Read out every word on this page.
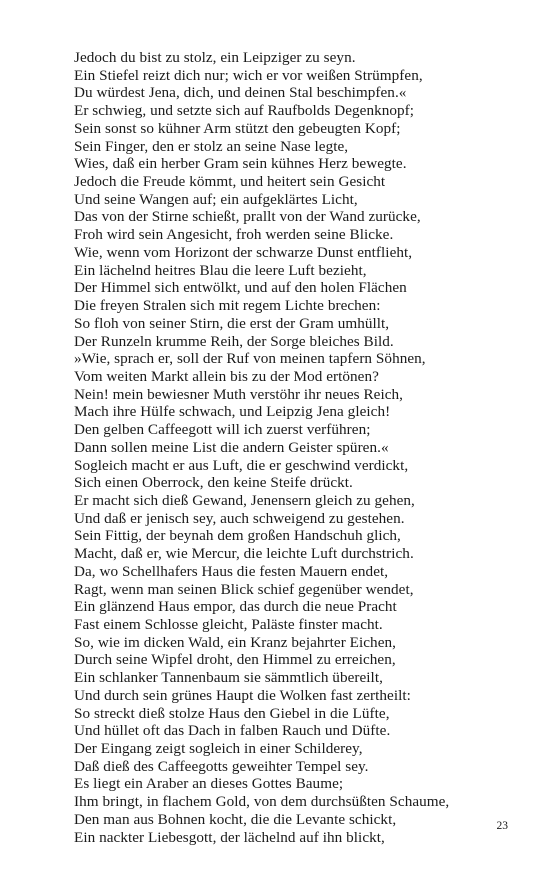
Jedoch du bist zu stolz, ein Leipziger zu seyn.
Ein Stiefel reizt dich nur; wich er vor weißen Strümpfen,
Du würdest Jena, dich, und deinen Stal beschimpfen.«
Er schwieg, und setzte sich auf Raufbolds Degenknopf;
Sein sonst so kühner Arm stützt den gebeugten Kopf;
Sein Finger, den er stolz an seine Nase legte,
Wies, daß ein herber Gram sein kühnes Herz bewegte.
Jedoch die Freude kömmt, und heitert sein Gesicht
Und seine Wangen auf; ein aufgeklärtes Licht,
Das von der Stirne schießt, prallt von der Wand zurücke,
Froh wird sein Angesicht, froh werden seine Blicke.
Wie, wenn vom Horizont der schwarze Dunst entflieht,
Ein lächelnd heitres Blau die leere Luft bezieht,
Der Himmel sich entwölkt, und auf den holen Flächen
Die freyen Stralen sich mit regem Lichte brechen:
So floh von seiner Stirn, die erst der Gram umhüllt,
Der Runzeln krumme Reih, der Sorge bleiches Bild.
»Wie, sprach er, soll der Ruf von meinen tapfern Söhnen,
Vom weiten Markt allein bis zu der Mod ertönen?
Nein! mein bewiesner Muth verstöhr ihr neues Reich,
Mach ihre Hülfe schwach, und Leipzig Jena gleich!
Den gelben Caffeegott will ich zuerst verführen;
Dann sollen meine List die andern Geister spüren.«
Sogleich macht er aus Luft, die er geschwind verdickt,
Sich einen Oberrock, den keine Steife drückt.
Er macht sich dieß Gewand, Jenensern gleich zu gehen,
Und daß er jenisch sey, auch schweigend zu gestehen.
Sein Fittig, der beynah dem großen Handschuh glich,
Macht, daß er, wie Mercur, die leichte Luft durchstrich.
Da, wo Schellhafers Haus die festen Mauern endet,
Ragt, wenn man seinen Blick schief gegenüber wendet,
Ein glänzend Haus empor, das durch die neue Pracht
Fast einem Schlosse gleicht, Paläste finster macht.
So, wie im dicken Wald, ein Kranz bejahrter Eichen,
Durch seine Wipfel droht, den Himmel zu erreichen,
Ein schlanker Tannenbaum sie sämmtlich übereilt,
Und durch sein grünes Haupt die Wolken fast zertheilt:
So streckt dieß stolze Haus den Giebel in die Lüfte,
Und hüllet oft das Dach in falben Rauch und Düfte.
Der Eingang zeigt sogleich in einer Schilderey,
Daß dieß des Caffeegotts geweihter Tempel sey.
Es liegt ein Araber an dieses Gottes Baume;
Ihm bringt, in flachem Gold, von dem durchsüßten Schaume,
Den man aus Bohnen kocht, die die Levante schickt,
Ein nackter Liebesgott, der lächelnd auf ihn blickt,
23
